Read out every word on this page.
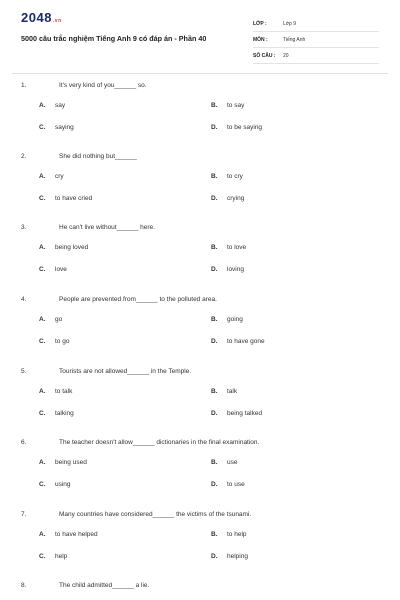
2048.vn
5000 câu trắc nghiệm Tiếng Anh 9 có đáp án - Phần 40
LỚP :	Lớp 9
MÔN :	Tiếng Anh
SỐ CÂU :	20
1.	It's very kind of you______ so.
A. say	B. to say
C. saying	D. to be saying
2.	She did nothing but______
A. cry	B. to cry
C. to have cried	D. crying
3.	He can't live without______ here.
A. being loved	B. to love
C. love	D. loving
4.	People are prevented from______ to the polluted area.
A. go	B. going
C. to go	D. to have gone
5.	Tourists are not allowed______ in the Temple.
A. to talk	B. talk
C. talking	D. being talked
6.	The teacher doesn't allow______ dictionaries in the final examination.
A. being used	B. use
C. using	D. to use
7.	Many countries have considered______ the victims of the tsunami.
A. to have helped	B. to help
C. help	D. helping
8.	The child admitted______ a lie.
